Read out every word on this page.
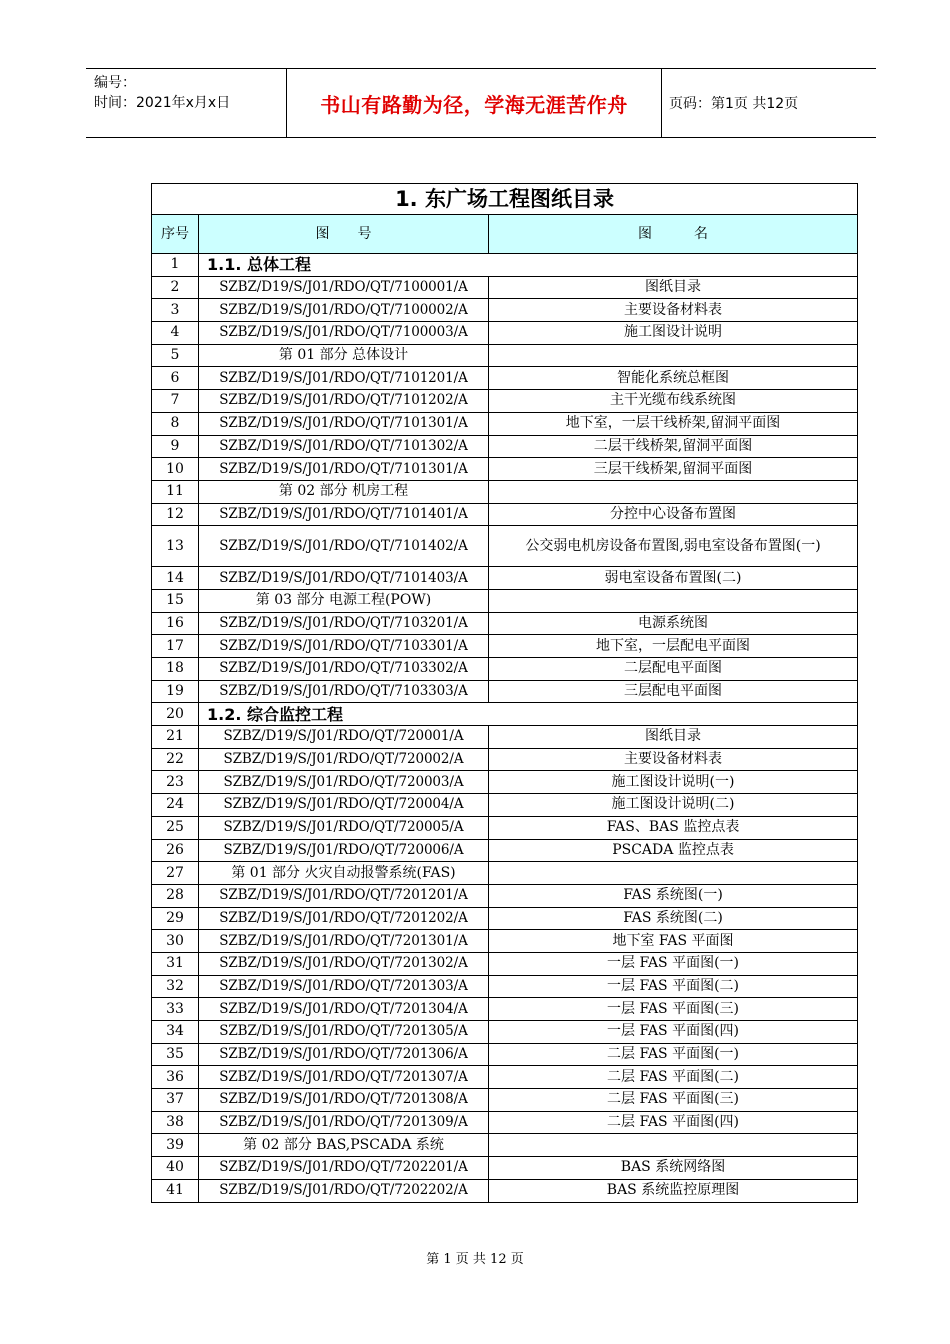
编号：
时间：2021年x月x日	书山有路勤为径，学海无涯苦作舟	页码：第1页 共12页
1. 东广场工程图纸目录		
序号	图　　号	图　　　名
1	1.1. 总体工程	
2	SZBZ/D19/S/J01/RDO/QT/7100001/A	图纸目录
3	SZBZ/D19/S/J01/RDO/QT/7100002/A	主要设备材料表
4	SZBZ/D19/S/J01/RDO/QT/7100003/A	施工图设计说明
5	第 01 部分 总体设计	
6	SZBZ/D19/S/J01/RDO/QT/7101201/A	智能化系统总框图
7	SZBZ/D19/S/J01/RDO/QT/7101202/A	主干光缆布线系统图
8	SZBZ/D19/S/J01/RDO/QT/7101301/A	地下室，一层干线桥架,留洞平面图
9	SZBZ/D19/S/J01/RDO/QT/7101302/A	二层干线桥架,留洞平面图
10	SZBZ/D19/S/J01/RDO/QT/7101301/A	三层干线桥架,留洞平面图
11	第 02 部分 机房工程	
12	SZBZ/D19/S/J01/RDO/QT/7101401/A	分控中心设备布置图
13	SZBZ/D19/S/J01/RDO/QT/7101402/A	公交弱电机房设备布置图,弱电室设备布置图(一)
14	SZBZ/D19/S/J01/RDO/QT/7101403/A	弱电室设备布置图(二)
15	第 03 部分 电源工程(POW)	
16	SZBZ/D19/S/J01/RDO/QT/7103201/A	电源系统图
17	SZBZ/D19/S/J01/RDO/QT/7103301/A	地下室，一层配电平面图
18	SZBZ/D19/S/J01/RDO/QT/7103302/A	二层配电平面图
19	SZBZ/D19/S/J01/RDO/QT/7103303/A	三层配电平面图
20	1.2. 综合监控工程	
21	SZBZ/D19/S/J01/RDO/QT/720001/A	图纸目录
22	SZBZ/D19/S/J01/RDO/QT/720002/A	主要设备材料表
23	SZBZ/D19/S/J01/RDO/QT/720003/A	施工图设计说明(一)
24	SZBZ/D19/S/J01/RDO/QT/720004/A	施工图设计说明(二)
25	SZBZ/D19/S/J01/RDO/QT/720005/A	FAS、BAS 监控点表
26	SZBZ/D19/S/J01/RDO/QT/720006/A	PSCADA 监控点表
27	第 01 部分 火灾自动报警系统(FAS)	
28	SZBZ/D19/S/J01/RDO/QT/7201201/A	FAS 系统图(一)
29	SZBZ/D19/S/J01/RDO/QT/7201202/A	FAS 系统图(二)
30	SZBZ/D19/S/J01/RDO/QT/7201301/A	地下室 FAS 平面图
31	SZBZ/D19/S/J01/RDO/QT/7201302/A	一层 FAS 平面图(一)
32	SZBZ/D19/S/J01/RDO/QT/7201303/A	一层 FAS 平面图(二)
33	SZBZ/D19/S/J01/RDO/QT/7201304/A	一层 FAS 平面图(三)
34	SZBZ/D19/S/J01/RDO/QT/7201305/A	一层 FAS 平面图(四)
35	SZBZ/D19/S/J01/RDO/QT/7201306/A	二层 FAS 平面图(一)
36	SZBZ/D19/S/J01/RDO/QT/7201307/A	二层 FAS 平面图(二)
37	SZBZ/D19/S/J01/RDO/QT/7201308/A	二层 FAS 平面图(三)
38	SZBZ/D19/S/J01/RDO/QT/7201309/A	二层 FAS 平面图(四)
39	第 02 部分 BAS,PSCADA 系统	
40	SZBZ/D19/S/J01/RDO/QT/7202201/A	BAS 系统网络图
41	SZBZ/D19/S/J01/RDO/QT/7202202/A	BAS 系统监控原理图
第 1 页 共 12 页
